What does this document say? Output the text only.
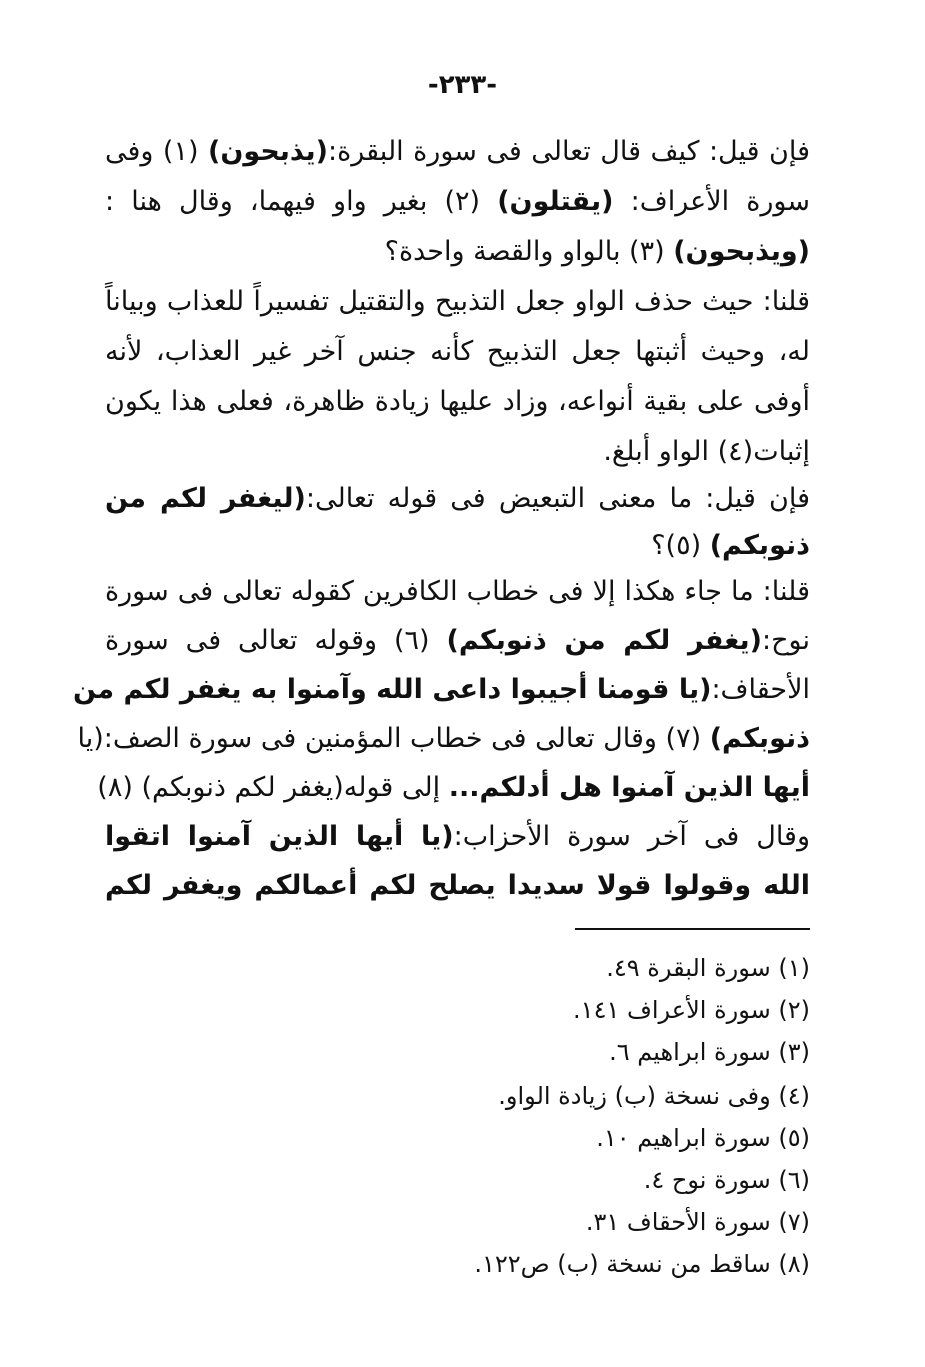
-٢٣٣-
فإن قيل: كيف قال تعالى فى سورة البقرة:(يذبحون) (١) وفى
سورة الأعراف: (يقتلون) (٢) بغير واو فيهما، وقال هنا :
(ويذبحون) (٣) بالواو والقصة واحدة؟
قلنا: حيث حذف الواو جعل التذبيح والتقتيل تفسيراً للعذاب وبياناً
له، وحيث أثبتها جعل التذبيح كأنه جنس آخر غير العذاب، لأنه
أوفى على بقية أنواعه، وزاد عليها زيادة ظاهرة، فعلى هذا يكون
إثبات(٤) الواو أبلغ.
فإن قيل: ما معنى التبعيض فى قوله تعالى:(ليغفر لكم من
ذنوبكم) (٥)؟
قلنا: ما جاء هكذا إلا فى خطاب الكافرين كقوله تعالى فى سورة
نوح:(يغفر لكم من ذنوبكم) (٦) وقوله تعالى فى سورة
الأحقاف:(يا قومنا أجيبوا داعى الله وآمنوا به يغفر لكم من
ذنوبكم) (٧) وقال تعالى فى خطاب المؤمنين فى سورة الصف:(يا
أيها الذين آمنوا هل أدلكم... إلى قوله(يغفر لكم ذنوبكم) (٨)
وقال فى آخر سورة الأحزاب:(يا أيها الذين آمنوا اتقوا
الله وقولوا قولا سديدا يصلح لكم أعمالكم ويغفر لكم
(١) سورة البقرة ٤٩.
(٢) سورة الأعراف ١٤١.
(٣) سورة ابراهيم ٦.
(٤) وفى نسخة (ب) زيادة الواو.
(٥) سورة ابراهيم ١٠.
(٦) سورة نوح ٤.
(٧) سورة الأحقاف ٣١.
(٨) ساقط من نسخة (ب) ص١٢٢.
